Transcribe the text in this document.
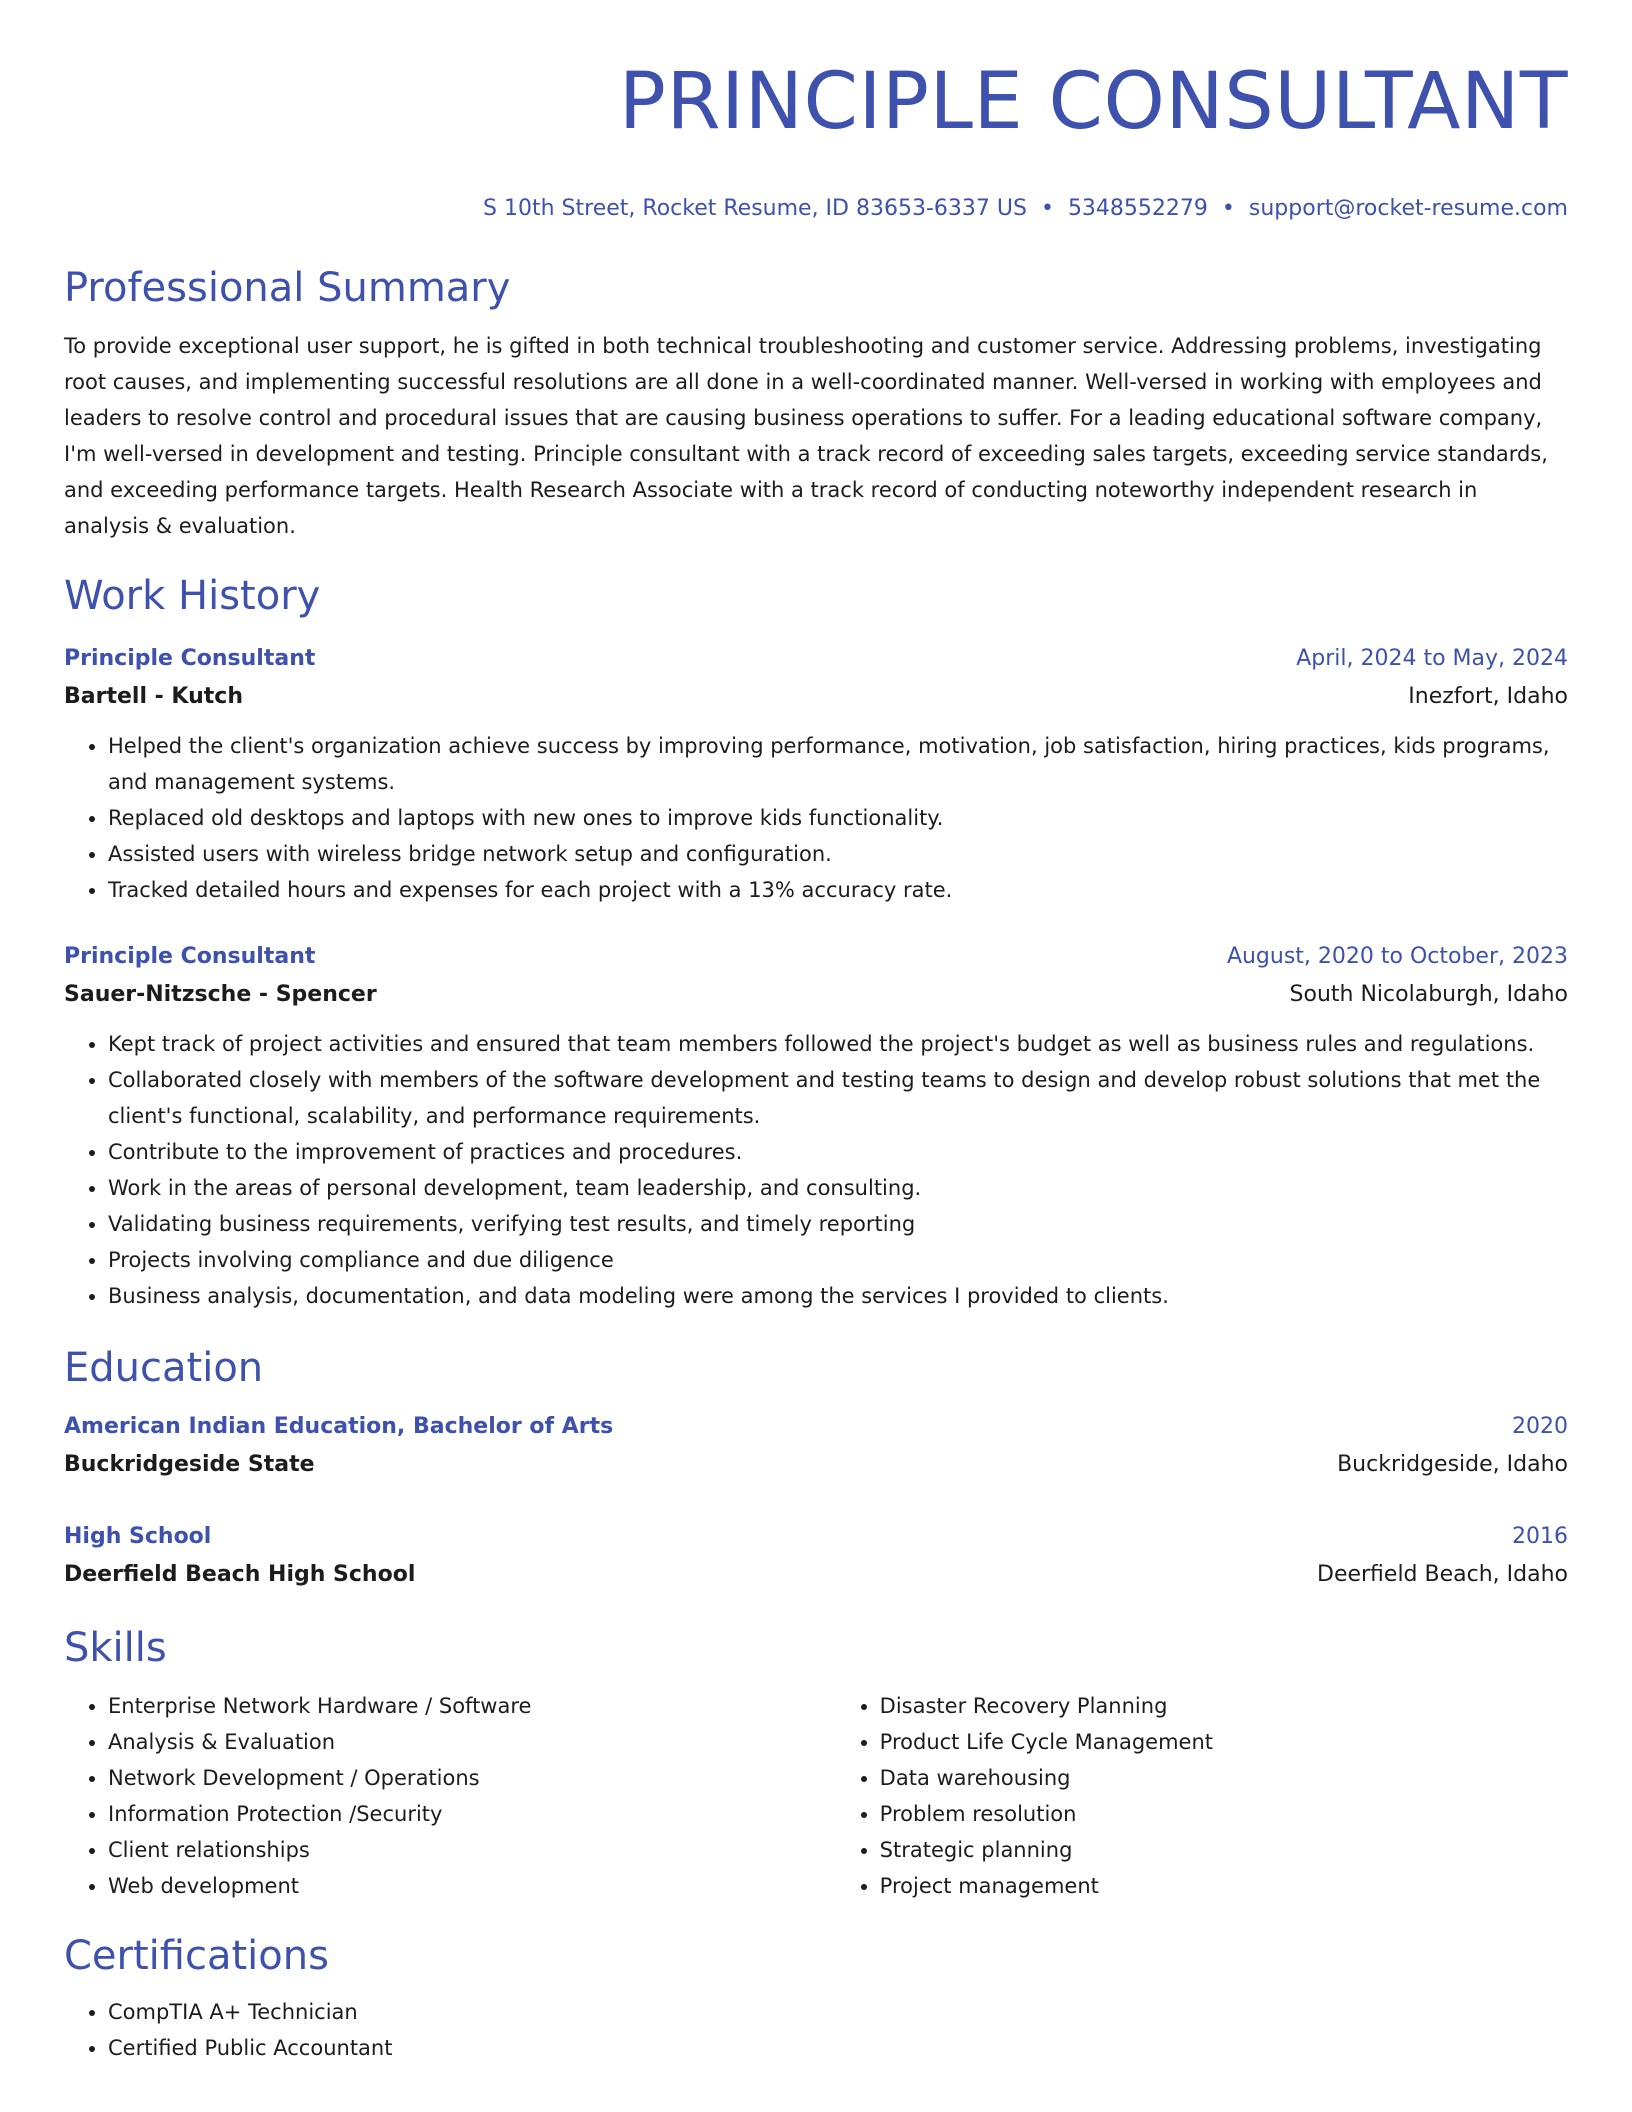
PRINCIPLE CONSULTANT
S 10th Street, Rocket Resume, ID 83653-6337 US • 5348552279 • support@rocket-resume.com
Professional Summary
To provide exceptional user support, he is gifted in both technical troubleshooting and customer service. Addressing problems, investigating root causes, and implementing successful resolutions are all done in a well-coordinated manner. Well-versed in working with employees and leaders to resolve control and procedural issues that are causing business operations to suffer. For a leading educational software company, I'm well-versed in development and testing. Principle consultant with a track record of exceeding sales targets, exceeding service standards, and exceeding performance targets. Health Research Associate with a track record of conducting noteworthy independent research in analysis & evaluation.
Work History
Principle Consultant	April, 2024 to May, 2024
Bartell - Kutch	Inezfort, Idaho
• Helped the client's organization achieve success by improving performance, motivation, job satisfaction, hiring practices, kids programs, and management systems.
• Replaced old desktops and laptops with new ones to improve kids functionality.
• Assisted users with wireless bridge network setup and configuration.
• Tracked detailed hours and expenses for each project with a 13% accuracy rate.
Principle Consultant	August, 2020 to October, 2023
Sauer-Nitzsche - Spencer	South Nicolaburgh, Idaho
• Kept track of project activities and ensured that team members followed the project's budget as well as business rules and regulations.
• Collaborated closely with members of the software development and testing teams to design and develop robust solutions that met the client's functional, scalability, and performance requirements.
• Contribute to the improvement of practices and procedures.
• Work in the areas of personal development, team leadership, and consulting.
• Validating business requirements, verifying test results, and timely reporting
• Projects involving compliance and due diligence
• Business analysis, documentation, and data modeling were among the services I provided to clients.
Education
American Indian Education, Bachelor of Arts	2020
Buckridgeside State	Buckridgeside, Idaho
High School	2016
Deerfield Beach High School	Deerfield Beach, Idaho
Skills
• Enterprise Network Hardware / Software
• Analysis & Evaluation
• Network Development / Operations
• Information Protection /Security
• Client relationships
• Web development
• Disaster Recovery Planning
• Product Life Cycle Management
• Data warehousing
• Problem resolution
• Strategic planning
• Project management
Certifications
• CompTIA A+ Technician
• Certified Public Accountant
